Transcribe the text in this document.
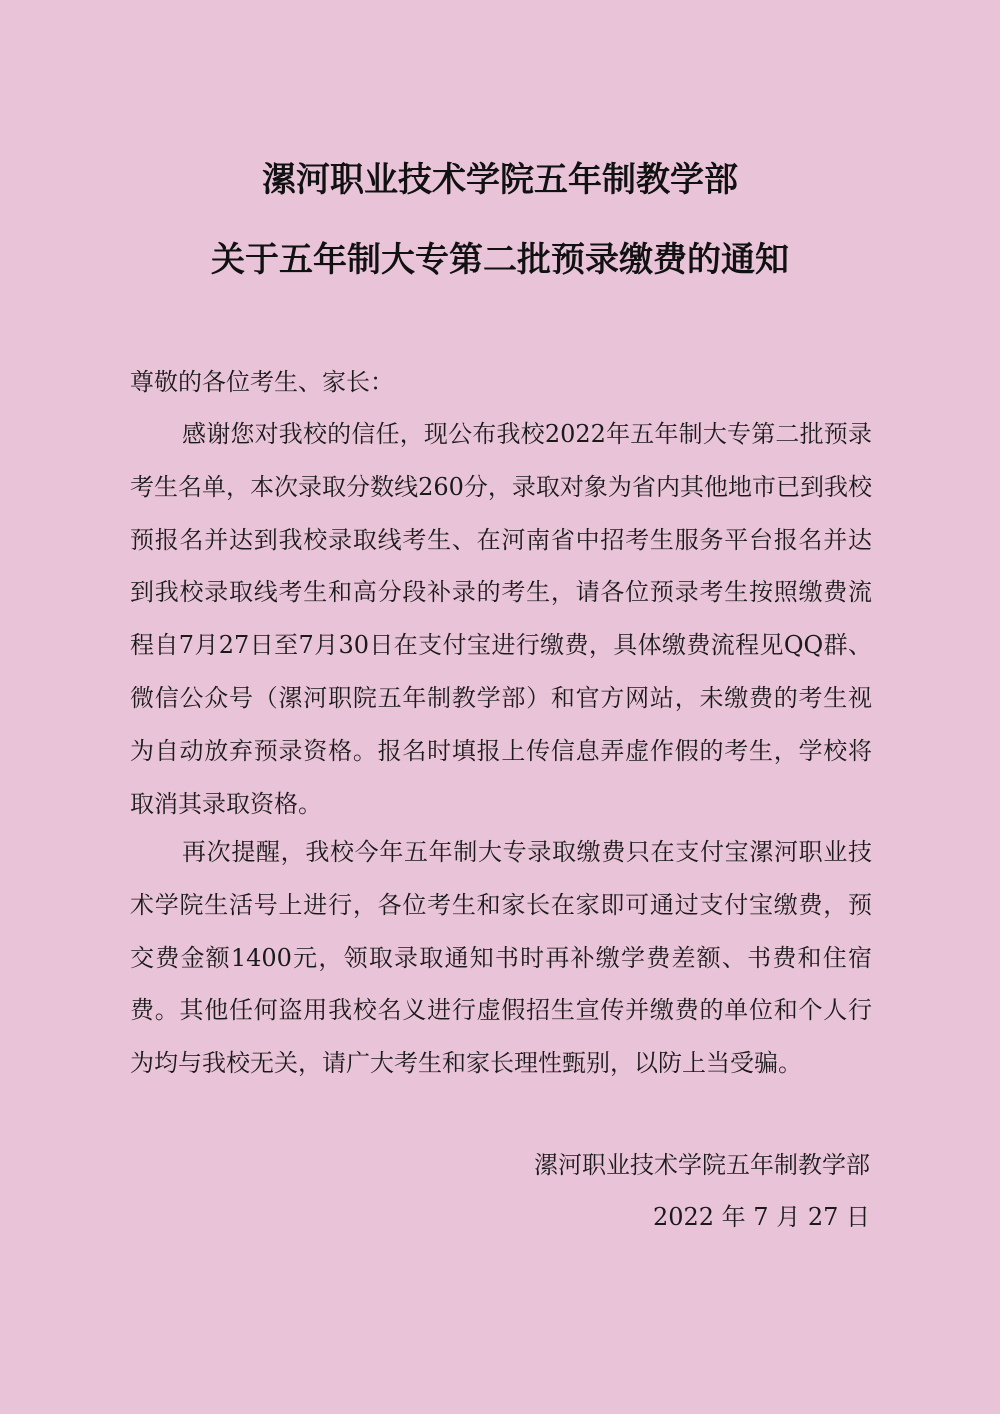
漯河职业技术学院五年制教学部
关于五年制大专第二批预录缴费的通知

尊敬的各位考生、家长：

感谢您对我校的信任，现公布我校2022年五年制大专第二批预录考生名单，本次录取分数线260分，录取对象为省内其他地市已到我校预报名并达到我校录取线考生、在河南省中招考生服务平台报名并达到我校录取线考生和高分段补录的考生，请各位预录考生按照缴费流程自7月27日至7月30日在支付宝进行缴费，具体缴费流程见QQ群、微信公众号（漯河职院五年制教学部）和官方网站，未缴费的考生视为自动放弃预录资格。报名时填报上传信息弄虚作假的考生，学校将取消其录取资格。

再次提醒，我校今年五年制大专录取缴费只在支付宝漯河职业技术学院生活号上进行，各位考生和家长在家即可通过支付宝缴费，预交费金额1400元，领取录取通知书时再补缴学费差额、书费和住宿费。其他任何盗用我校名义进行虚假招生宣传并缴费的单位和个人行为均与我校无关，请广大考生和家长理性甄别，以防上当受骗。

漯河职业技术学院五年制教学部

2022 年 7 月 27 日
